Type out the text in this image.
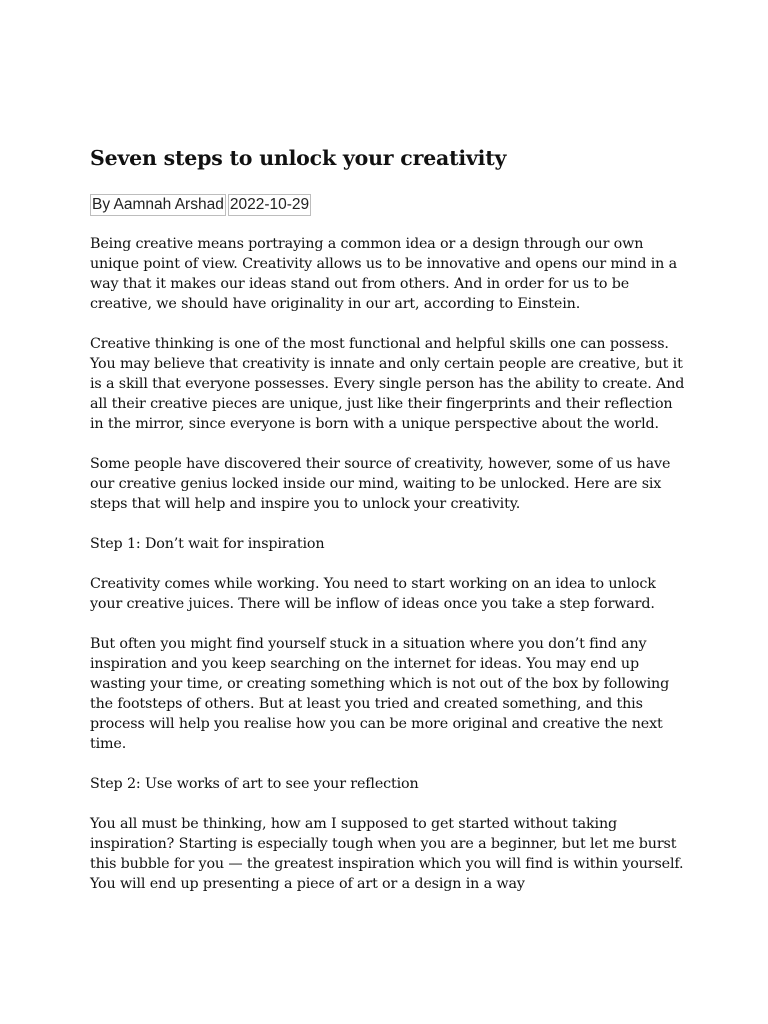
Seven steps to unlock your creativity
By Aamnah Arshad 2022-10-29

Being creative means portraying a common idea or a design through our own unique point of view. Creativity allows us to be innovative and opens our mind in a way that it makes our ideas stand out from others. And in order for us to be creative, we should have originality in our art, according to Einstein.

Creative thinking is one of the most functional and helpful skills one can possess. You may believe that creativity is innate and only certain people are creative, but it is a skill that everyone possesses. Every single person has the ability to create. And all their creative pieces are unique, just like their fingerprints and their reflection in the mirror, since everyone is born with a unique perspective about the world.

Some people have discovered their source of creativity, however, some of us have our creative genius locked inside our mind, waiting to be unlocked. Here are six steps that will help and inspire you to unlock your creativity.

Step 1: Don’t wait for inspiration

Creativity comes while working. You need to start working on an idea to unlock your creative juices. There will be inflow of ideas once you take a step forward.

But often you might find yourself stuck in a situation where you don’t find any inspiration and you keep searching on the internet for ideas. You may end up wasting your time, or creating something which is not out of the box by following the footsteps of others. But at least you tried and created something, and this process will help you realise how you can be more original and creative the next time.

Step 2: Use works of art to see your reflection

You all must be thinking, how am I supposed to get started without taking inspiration? Starting is especially tough when you are a beginner, but let me burst this bubble for you — the greatest inspiration which you will find is within yourself. You will end up presenting a piece of art or a design in a way
